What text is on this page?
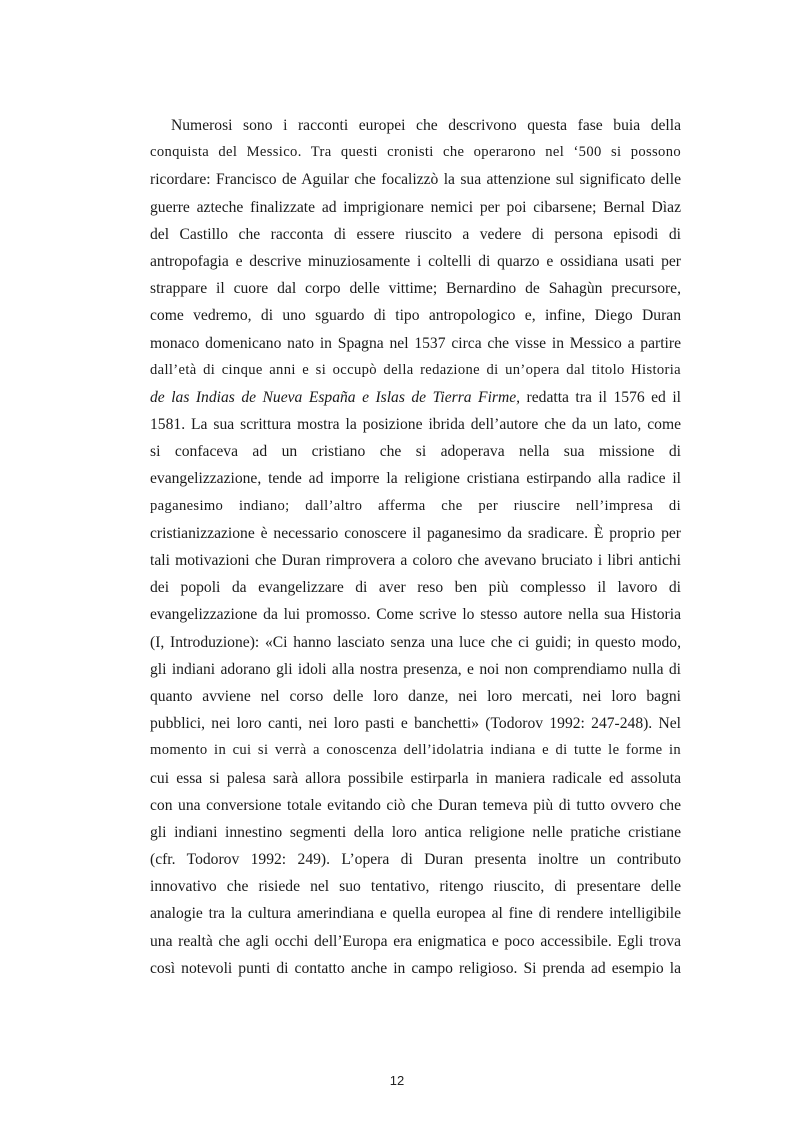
Numerosi sono i racconti europei che descrivono questa fase buia della
conquista del Messico. Tra questi cronisti che operarono nel ‘500 si possono
ricordare: Francisco de Aguilar che focalizzò la sua attenzione sul significato delle
guerre azteche finalizzate ad imprigionare nemici per poi cibarsene; Bernal Dìaz
del Castillo che racconta di essere riuscito a vedere di persona episodi di
antropofagia e descrive minuziosamente i coltelli di quarzo e ossidiana usati per
strappare il cuore dal corpo delle vittime; Bernardino de Sahagùn precursore,
come vedremo, di uno sguardo di tipo antropologico e, infine, Diego Duran
monaco domenicano nato in Spagna nel 1537 circa che visse in Messico a partire
dall’età di cinque anni e si occupò della redazione di un’opera dal titolo Historia
de las Indias de Nueva España e Islas de Tierra Firme, redatta tra il 1576 ed il
1581. La sua scrittura mostra la posizione ibrida dell’autore che da un lato, come
si confaceva ad un cristiano che si adoperava nella sua missione di
evangelizzazione, tende ad imporre la religione cristiana estirpando alla radice il
paganesimo indiano; dall’altro afferma che per riuscire nell’impresa di
cristianizzazione è necessario conoscere il paganesimo da sradicare. È proprio per
tali motivazioni che Duran rimprovera a coloro che avevano bruciato i libri antichi
dei popoli da evangelizzare di aver reso ben più complesso il lavoro di
evangelizzazione da lui promosso. Come scrive lo stesso autore nella sua Historia
(I, Introduzione): «Ci hanno lasciato senza una luce che ci guidi; in questo modo,
gli indiani adorano gli idoli alla nostra presenza, e noi non comprendiamo nulla di
quanto avviene nel corso delle loro danze, nei loro mercati, nei loro bagni
pubblici, nei loro canti, nei loro pasti e banchetti» (Todorov 1992: 247-248). Nel
momento in cui si verrà a conoscenza dell’idolatria indiana e di tutte le forme in
cui essa si palesa sarà allora possibile estirparla in maniera radicale ed assoluta
con una conversione totale evitando ciò che Duran temeva più di tutto ovvero che
gli indiani innestino segmenti della loro antica religione nelle pratiche cristiane
(cfr. Todorov 1992: 249). L’opera di Duran presenta inoltre un contributo
innovativo che risiede nel suo tentativo, ritengo riuscito, di presentare delle
analogie tra la cultura amerindiana e quella europea al fine di rendere intelligibile
una realtà che agli occhi dell’Europa era enigmatica e poco accessibile. Egli trova
così notevoli punti di contatto anche in campo religioso. Si prenda ad esempio la
12
